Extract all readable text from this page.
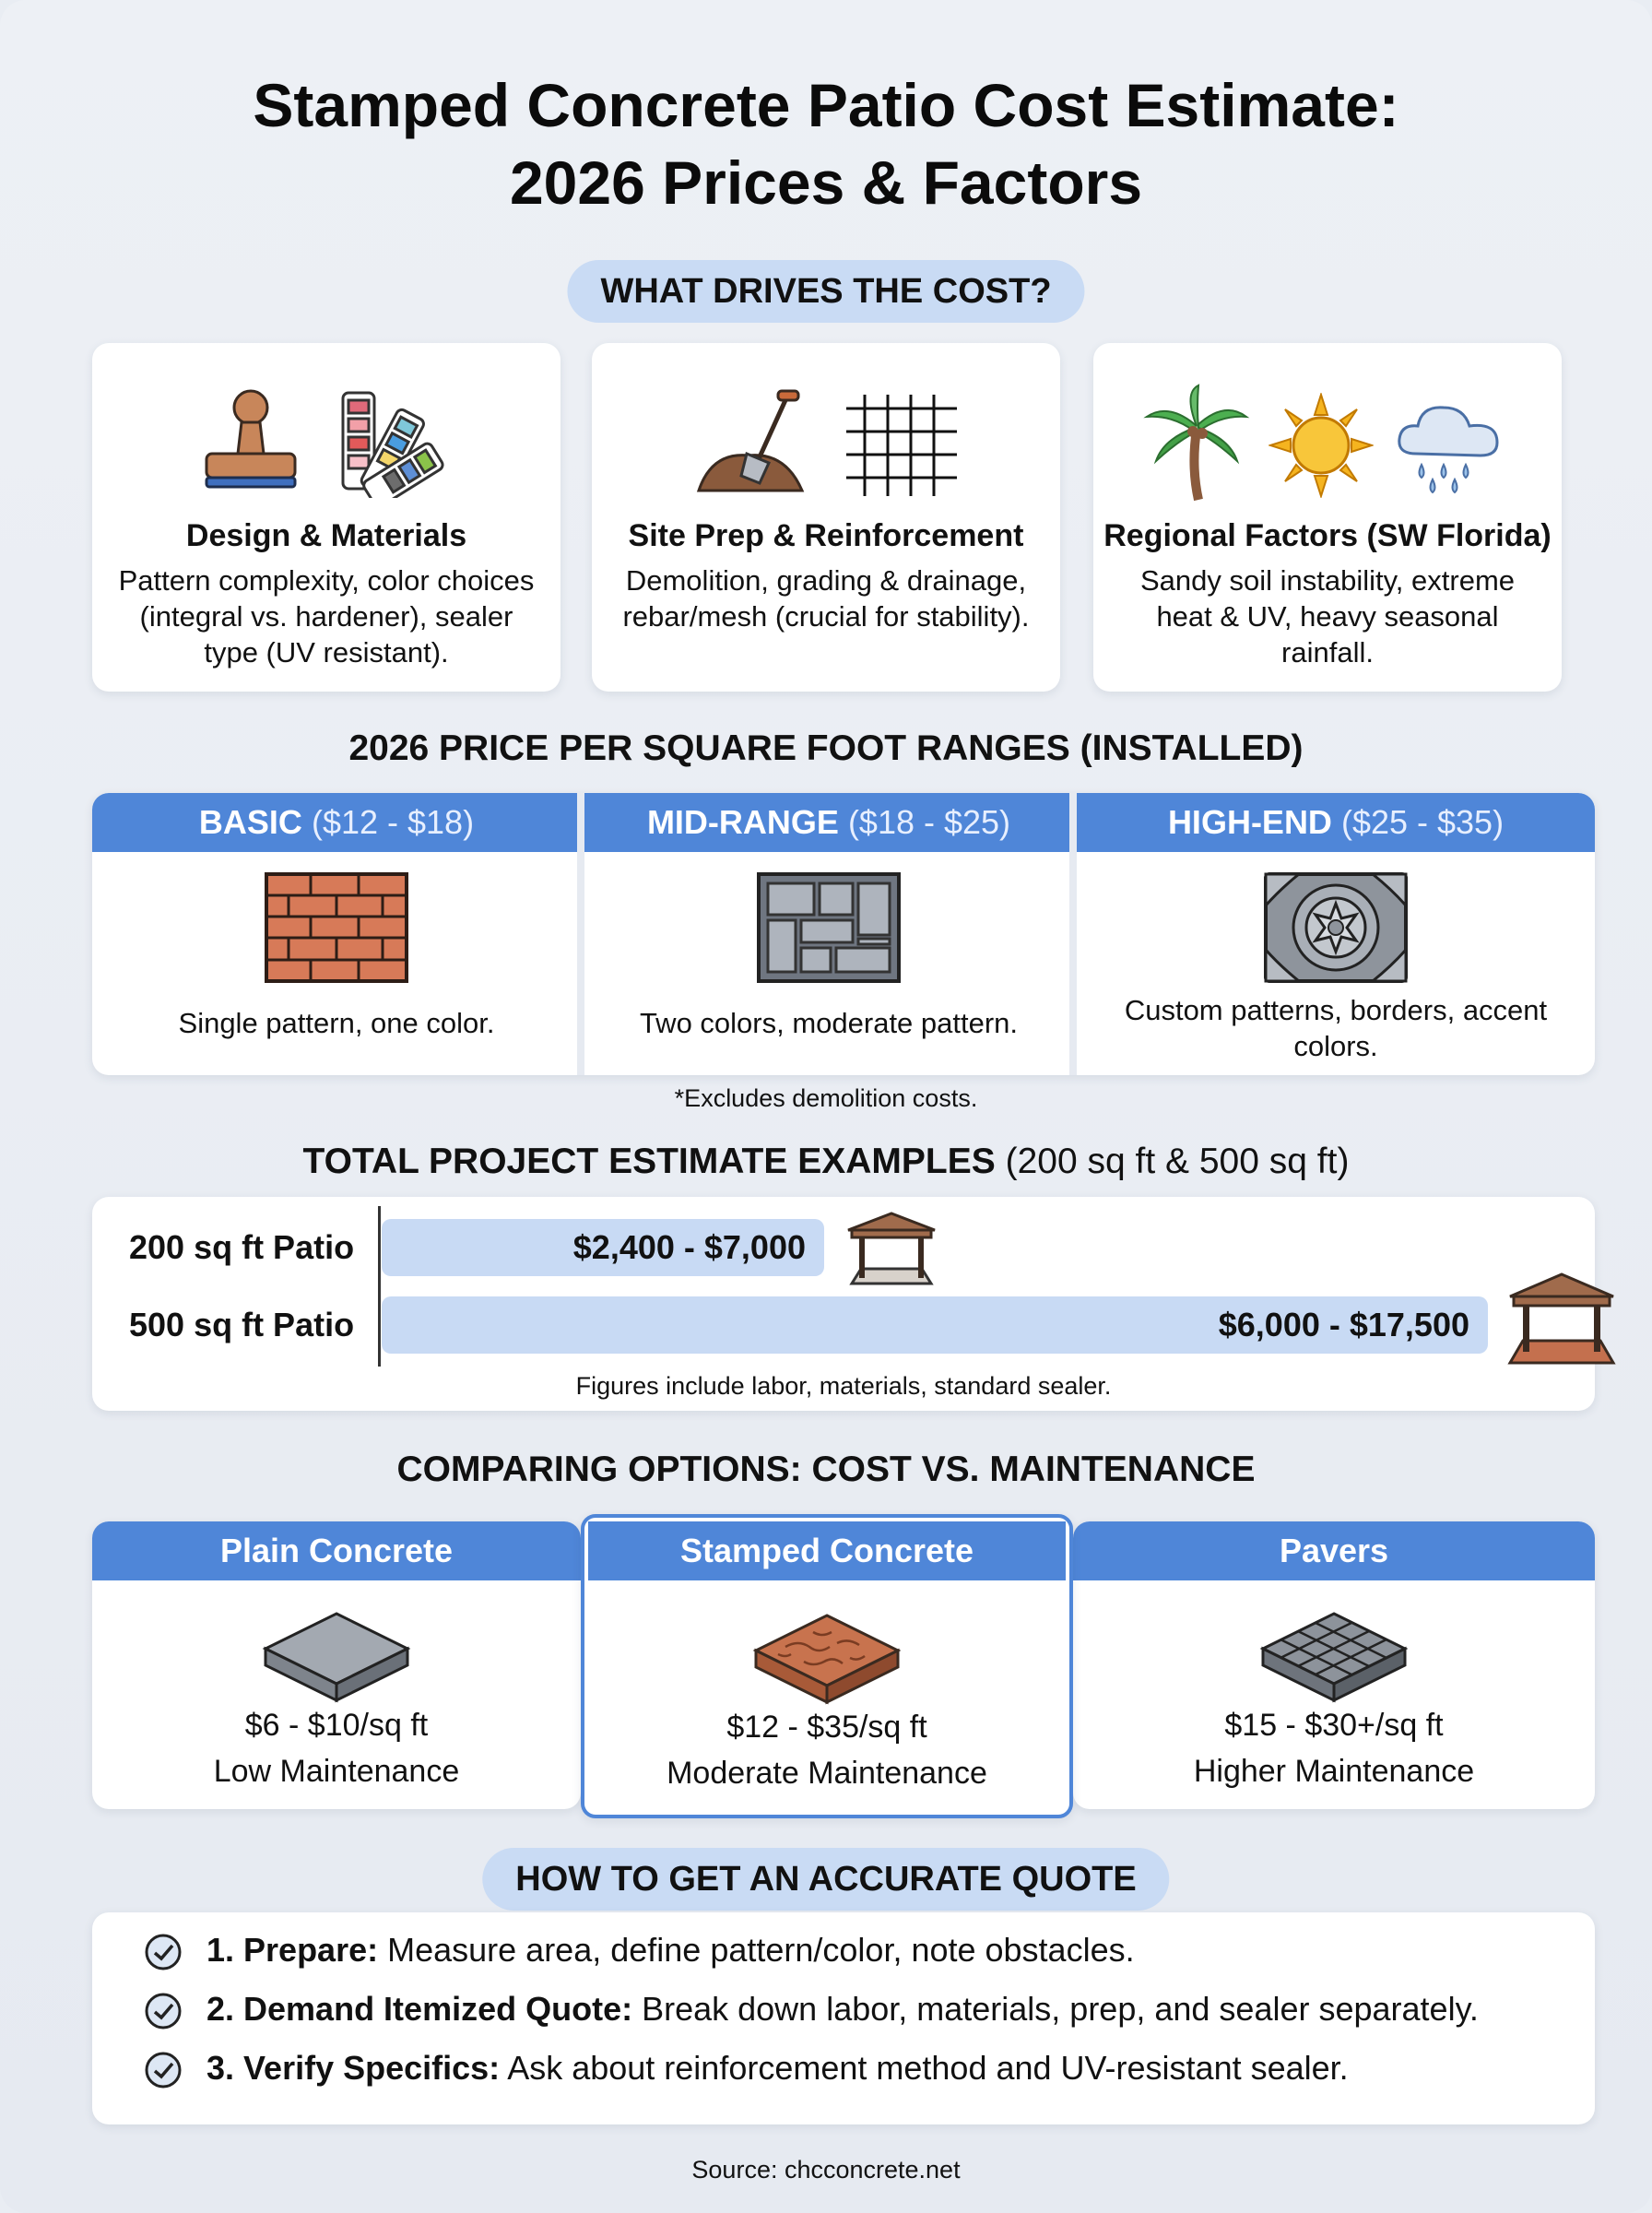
Stamped Concrete Patio Cost Estimate:
2026 Prices & Factors
WHAT DRIVES THE COST?
Design & Materials
Pattern complexity, color choices (integral vs. hardener), sealer type (UV resistant).
Site Prep & Reinforcement
Demolition, grading & drainage, rebar/mesh (crucial for stability).
Regional Factors (SW Florida)
Sandy soil instability, extreme heat & UV, heavy seasonal rainfall.
2026 PRICE PER SQUARE FOOT RANGES (INSTALLED)
BASIC ($12 - $18)
Single pattern, one color.
MID-RANGE ($18 - $25)
Two colors, moderate pattern.
HIGH-END ($25 - $35)
Custom patterns, borders, accent colors.
*Excludes demolition costs.
TOTAL PROJECT ESTIMATE EXAMPLES (200 sq ft & 500 sq ft)
200 sq ft Patio	$2,400 - $7,000
500 sq ft Patio	$6,000 - $17,500
Figures include labor, materials, standard sealer.
COMPARING OPTIONS: COST VS. MAINTENANCE
Plain Concrete
$6 - $10/sq ft
Low Maintenance
Stamped Concrete
$12 - $35/sq ft
Moderate Maintenance
Pavers
$15 - $30+/sq ft
Higher Maintenance
HOW TO GET AN ACCURATE QUOTE
1. Prepare: Measure area, define pattern/color, note obstacles.
2. Demand Itemized Quote: Break down labor, materials, prep, and sealer separately.
3. Verify Specifics: Ask about reinforcement method and UV-resistant sealer.
Source: chcconcrete.net
